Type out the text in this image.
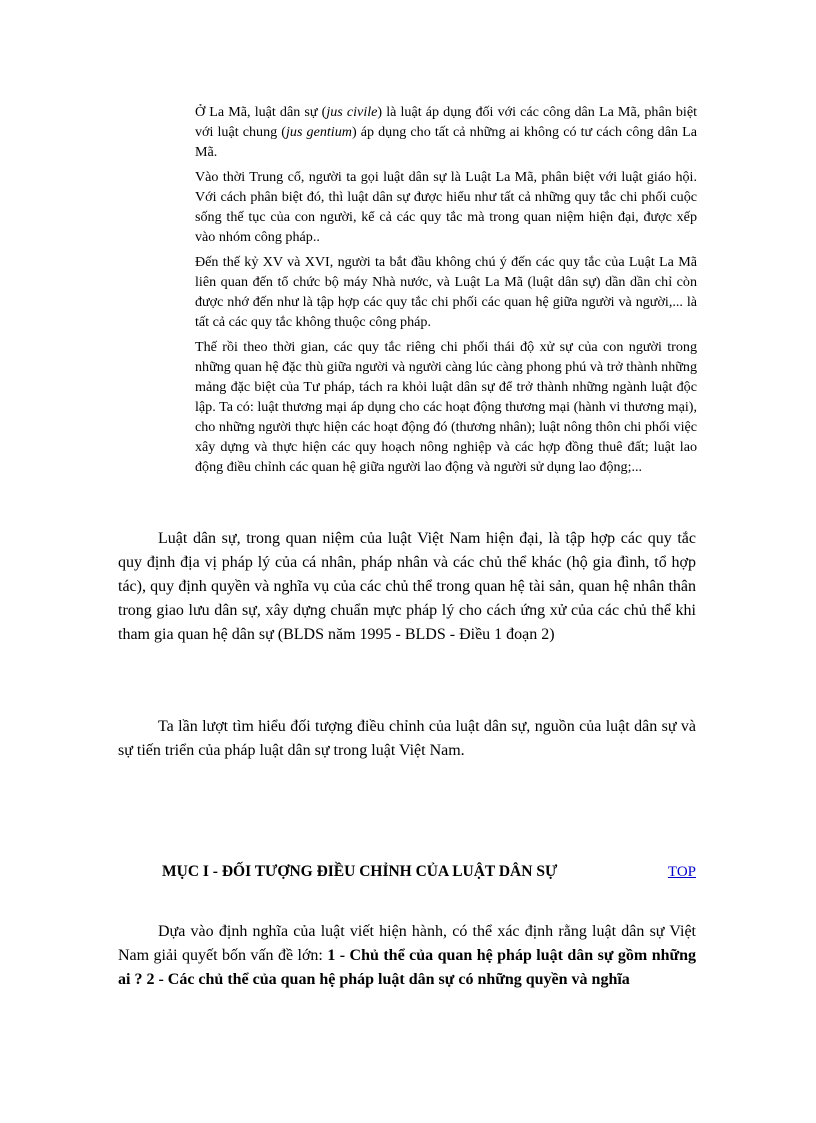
Ở La Mã, luật dân sự (jus civile) là luật áp dụng đối với các công dân La Mã, phân biệt với luật chung (jus gentium) áp dụng cho tất cả những ai không có tư cách công dân La Mã.

Vào thời Trung cổ, người ta gọi luật dân sự là Luật La Mã, phân biệt với luật giáo hội. Với cách phân biệt đó, thì luật dân sự được hiểu như tất cả những quy tắc chi phối cuộc sống thế tục của con người, kể cả các quy tắc mà trong quan niệm hiện đại, được xếp vào nhóm công pháp..

Đến thế kỷ XV và XVI, người ta bắt đầu không chú ý đến các quy tắc của Luật La Mã liên quan đến tổ chức bộ máy Nhà nước, và Luật La Mã (luật dân sự) dần dần chỉ còn được nhớ đến như là tập hợp các quy tắc chi phối các quan hệ giữa người và người,... là tất cả các quy tắc không thuộc công pháp.

Thế rồi theo thời gian, các quy tắc riêng chi phối thái độ xử sự của con người trong những quan hệ đặc thù giữa người và người càng lúc càng phong phú và trở thành những mảng đặc biệt của Tư pháp, tách ra khỏi luật dân sự để trở thành những ngành luật độc lập. Ta có: luật thương mại áp dụng cho các hoạt động thương mại (hành vi thương mại), cho những người thực hiện các hoạt động đó (thương nhân); luật nông thôn chi phối việc xây dựng và thực hiện các quy hoạch nông nghiệp và các hợp đồng thuê đất; luật lao động điều chỉnh các quan hệ giữa người lao động và người sử dụng lao động;...

Luật dân sự, trong quan niệm của luật Việt Nam hiện đại, là tập hợp các quy tắc quy định địa vị pháp lý của cá nhân, pháp nhân và các chủ thể khác (hộ gia đình, tổ hợp tác), quy định quyền và nghĩa vụ của các chủ thể trong quan hệ tài sản, quan hệ nhân thân trong giao lưu dân sự, xây dựng chuẩn mực pháp lý cho cách ứng xử của các chủ thể khi tham gia quan hệ dân sự (BLDS năm 1995 - BLDS - Điều 1 đoạn 2)

Ta lần lượt tìm hiểu đối tượng điều chỉnh của luật dân sự, nguồn của luật dân sự và sự tiến triển của pháp luật dân sự trong luật Việt Nam.

MỤC I - ĐỐI TƯỢNG ĐIỀU CHỈNH CỦA LUẬT DÂN SỰ	TOP

Dựa vào định nghĩa của luật viết hiện hành, có thể xác định rằng luật dân sự Việt Nam giải quyết bốn vấn đề lớn: 1 - Chủ thể của quan hệ pháp luật dân sự gồm những ai ? 2 - Các chủ thể của quan hệ pháp luật dân sự có những quyền và nghĩa
